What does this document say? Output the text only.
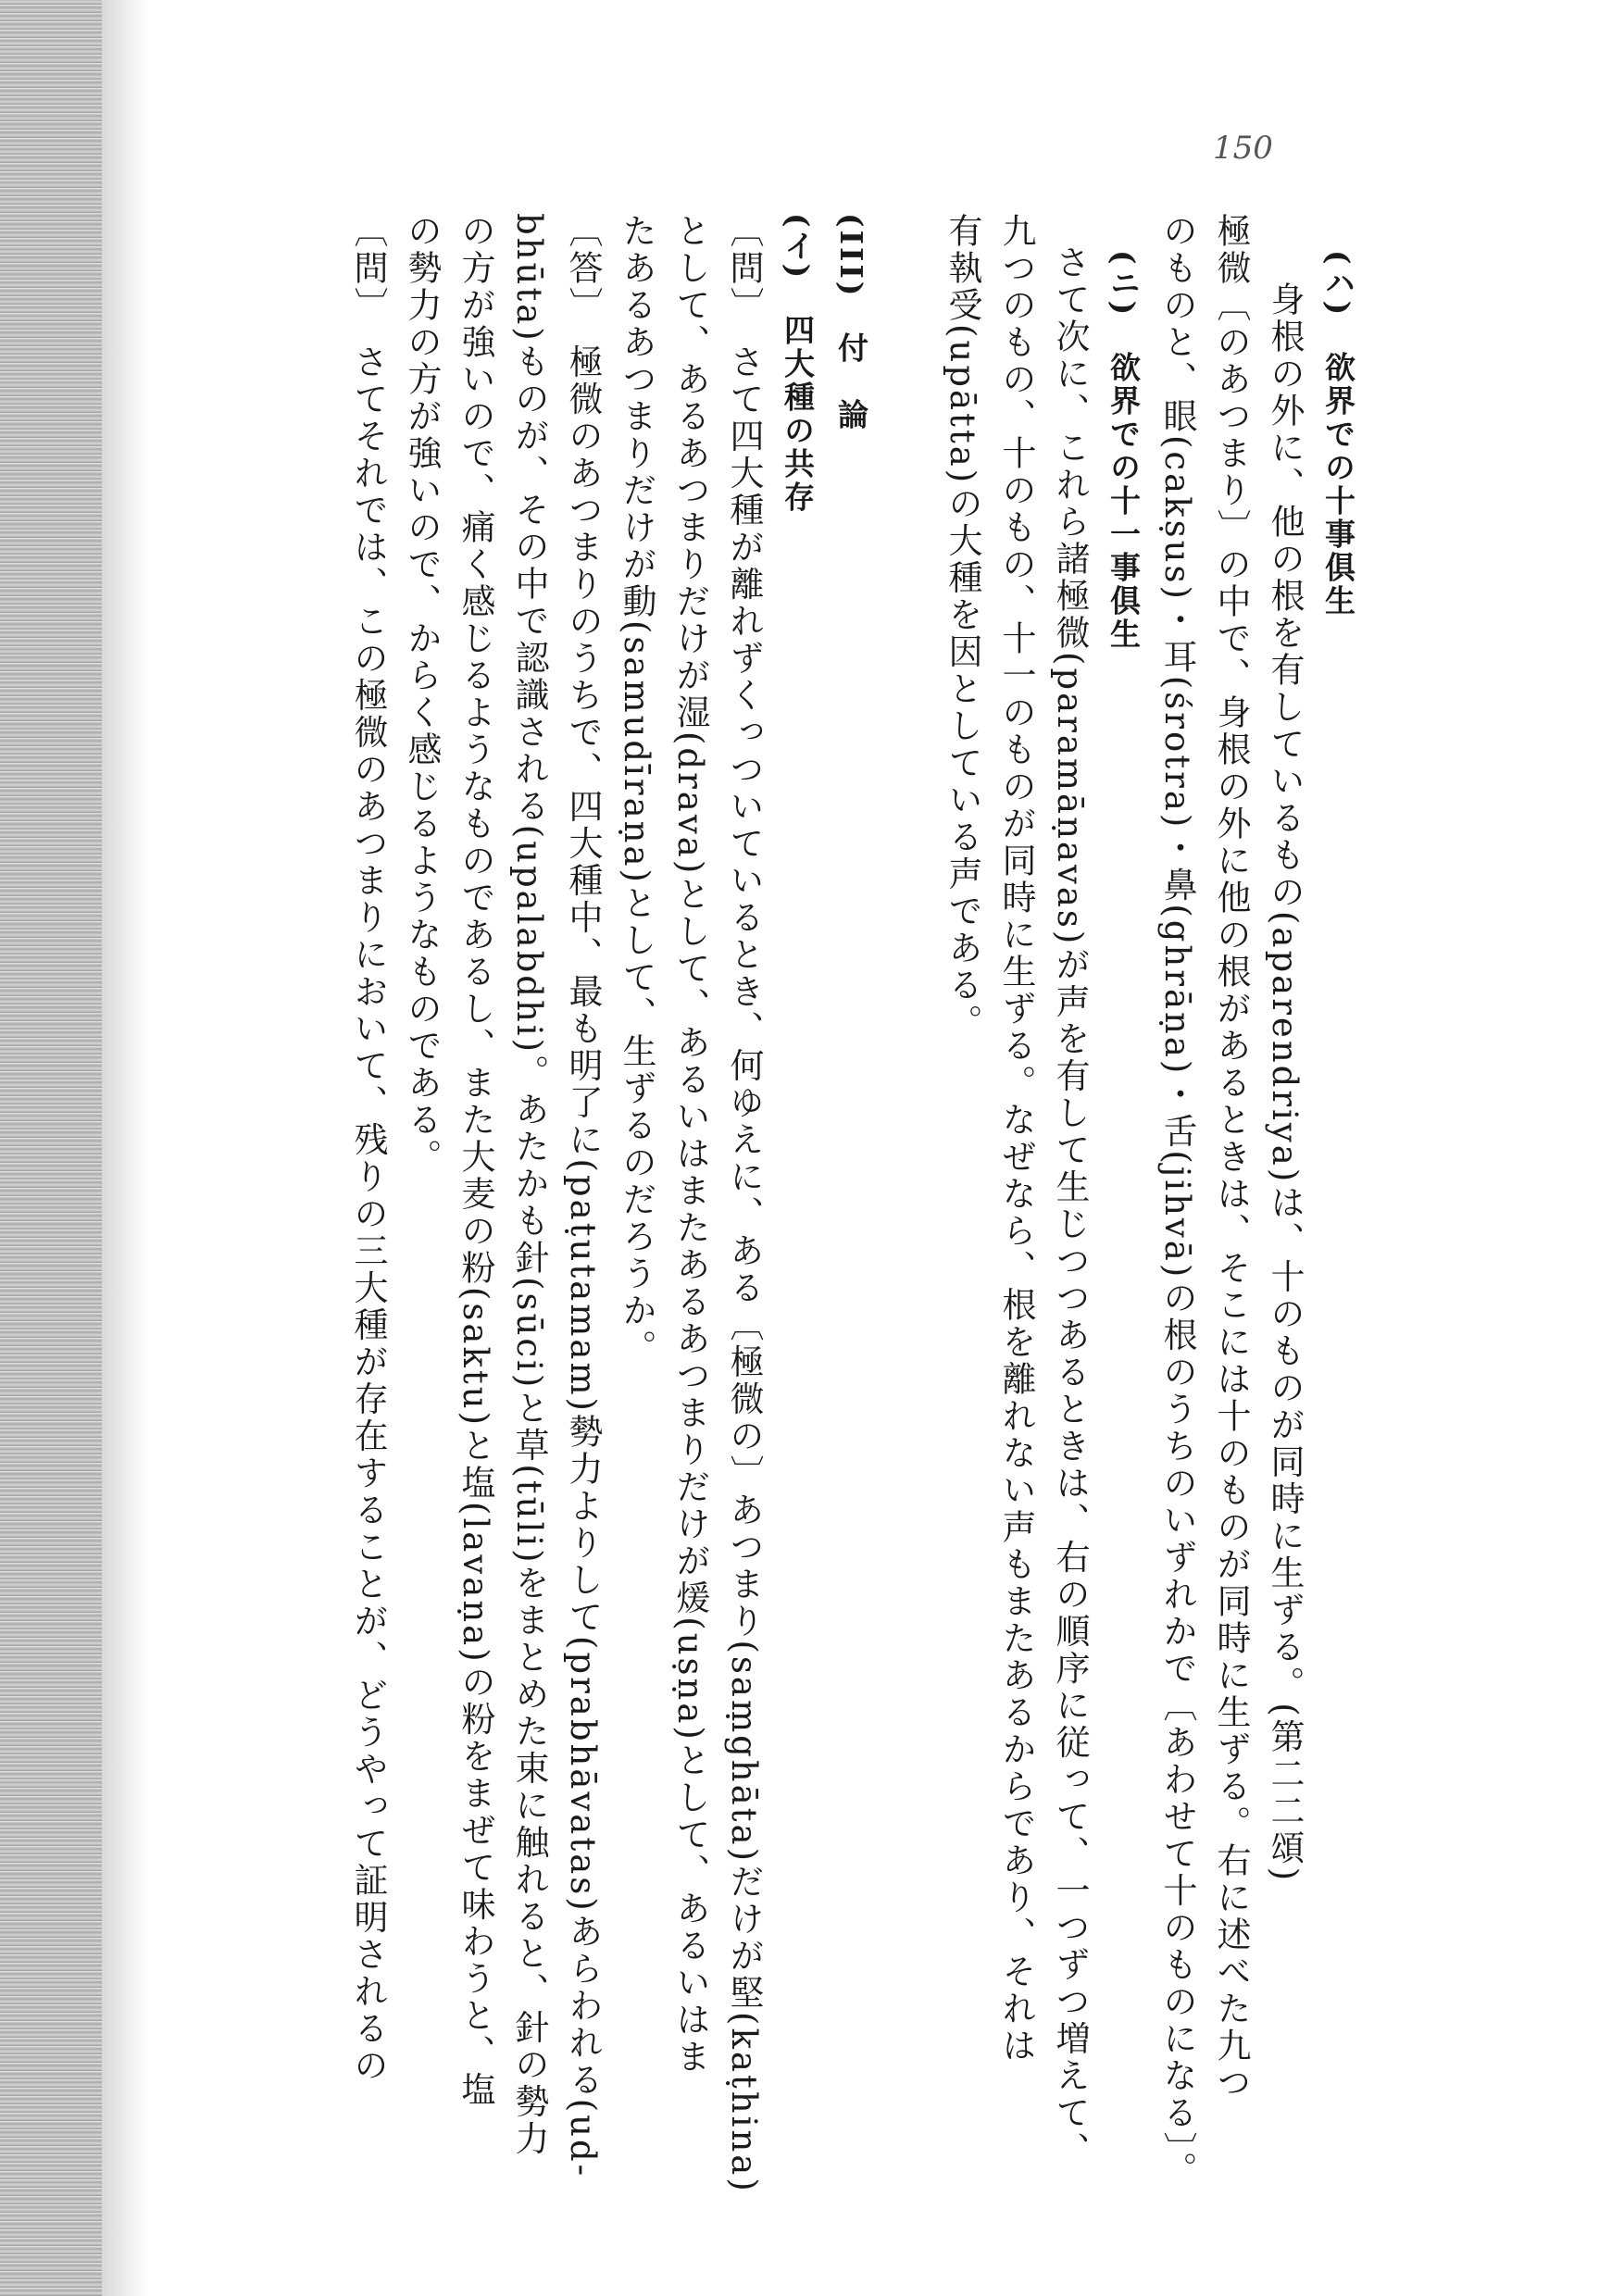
150

(ハ)　欲界での十事俱生

身根の外に、他の根を有しているもの(aparendriya)は、十のものが同時に生ずる。(第二二頌)

極微〔のあつまり〕の中で、身根の外に他の根があるときは、そこには十のものが同時に生ずる。右に述べた九つ

のものと、眼(cakṣus)・耳(śrotra)・鼻(ghrāṇa)・舌(jihvā)の根のうちのいずれかで〔あわせて十のものになる〕。

(ニ)　欲界での十一事俱生

さて次に、これら諸極微(paramāṇavas)が声を有して生じつつあるときは、右の順序に従って、一つずつ増えて、

九つのもの、十のもの、十一のものが同時に生ずる。なぜなら、根を離れない声もまたあるからであり、それは

有執受(upātta)の大種を因としている声である。

(III)　付　論

(イ)　四大種の共存

〔問〕　さて四大種が離れずくっついているとき、何ゆえに、ある〔極微の〕あつまり(saṃghāta)だけが堅(kaṭhina)

として、あるあつまりだけが湿(drava)として、あるいはまたあるあつまりだけが煖(uṣṇa)として、あるいはま

たあるあつまりだけが動(samudīraṇa)として、生ずるのだろうか。

〔答〕　極微のあつまりのうちで、四大種中、最も明了に(paṭutamam)勢力よりして(prabhāvatas)あらわれる(ud-

bhūta)ものが、その中で認識される(upalabdhi)。あたかも針(sūci)と草(tūli)をまとめた束に触れると、針の勢力

の方が強いので、痛く感じるようなものであるし、また大麦の粉(saktu)と塩(lavaṇa)の粉をまぜて味わうと、塩

の勢力の方が強いので、からく感じるようなものである。

〔問〕　さてそれでは、この極微のあつまりにおいて、残りの三大種が存在することが、どうやって証明されるの
